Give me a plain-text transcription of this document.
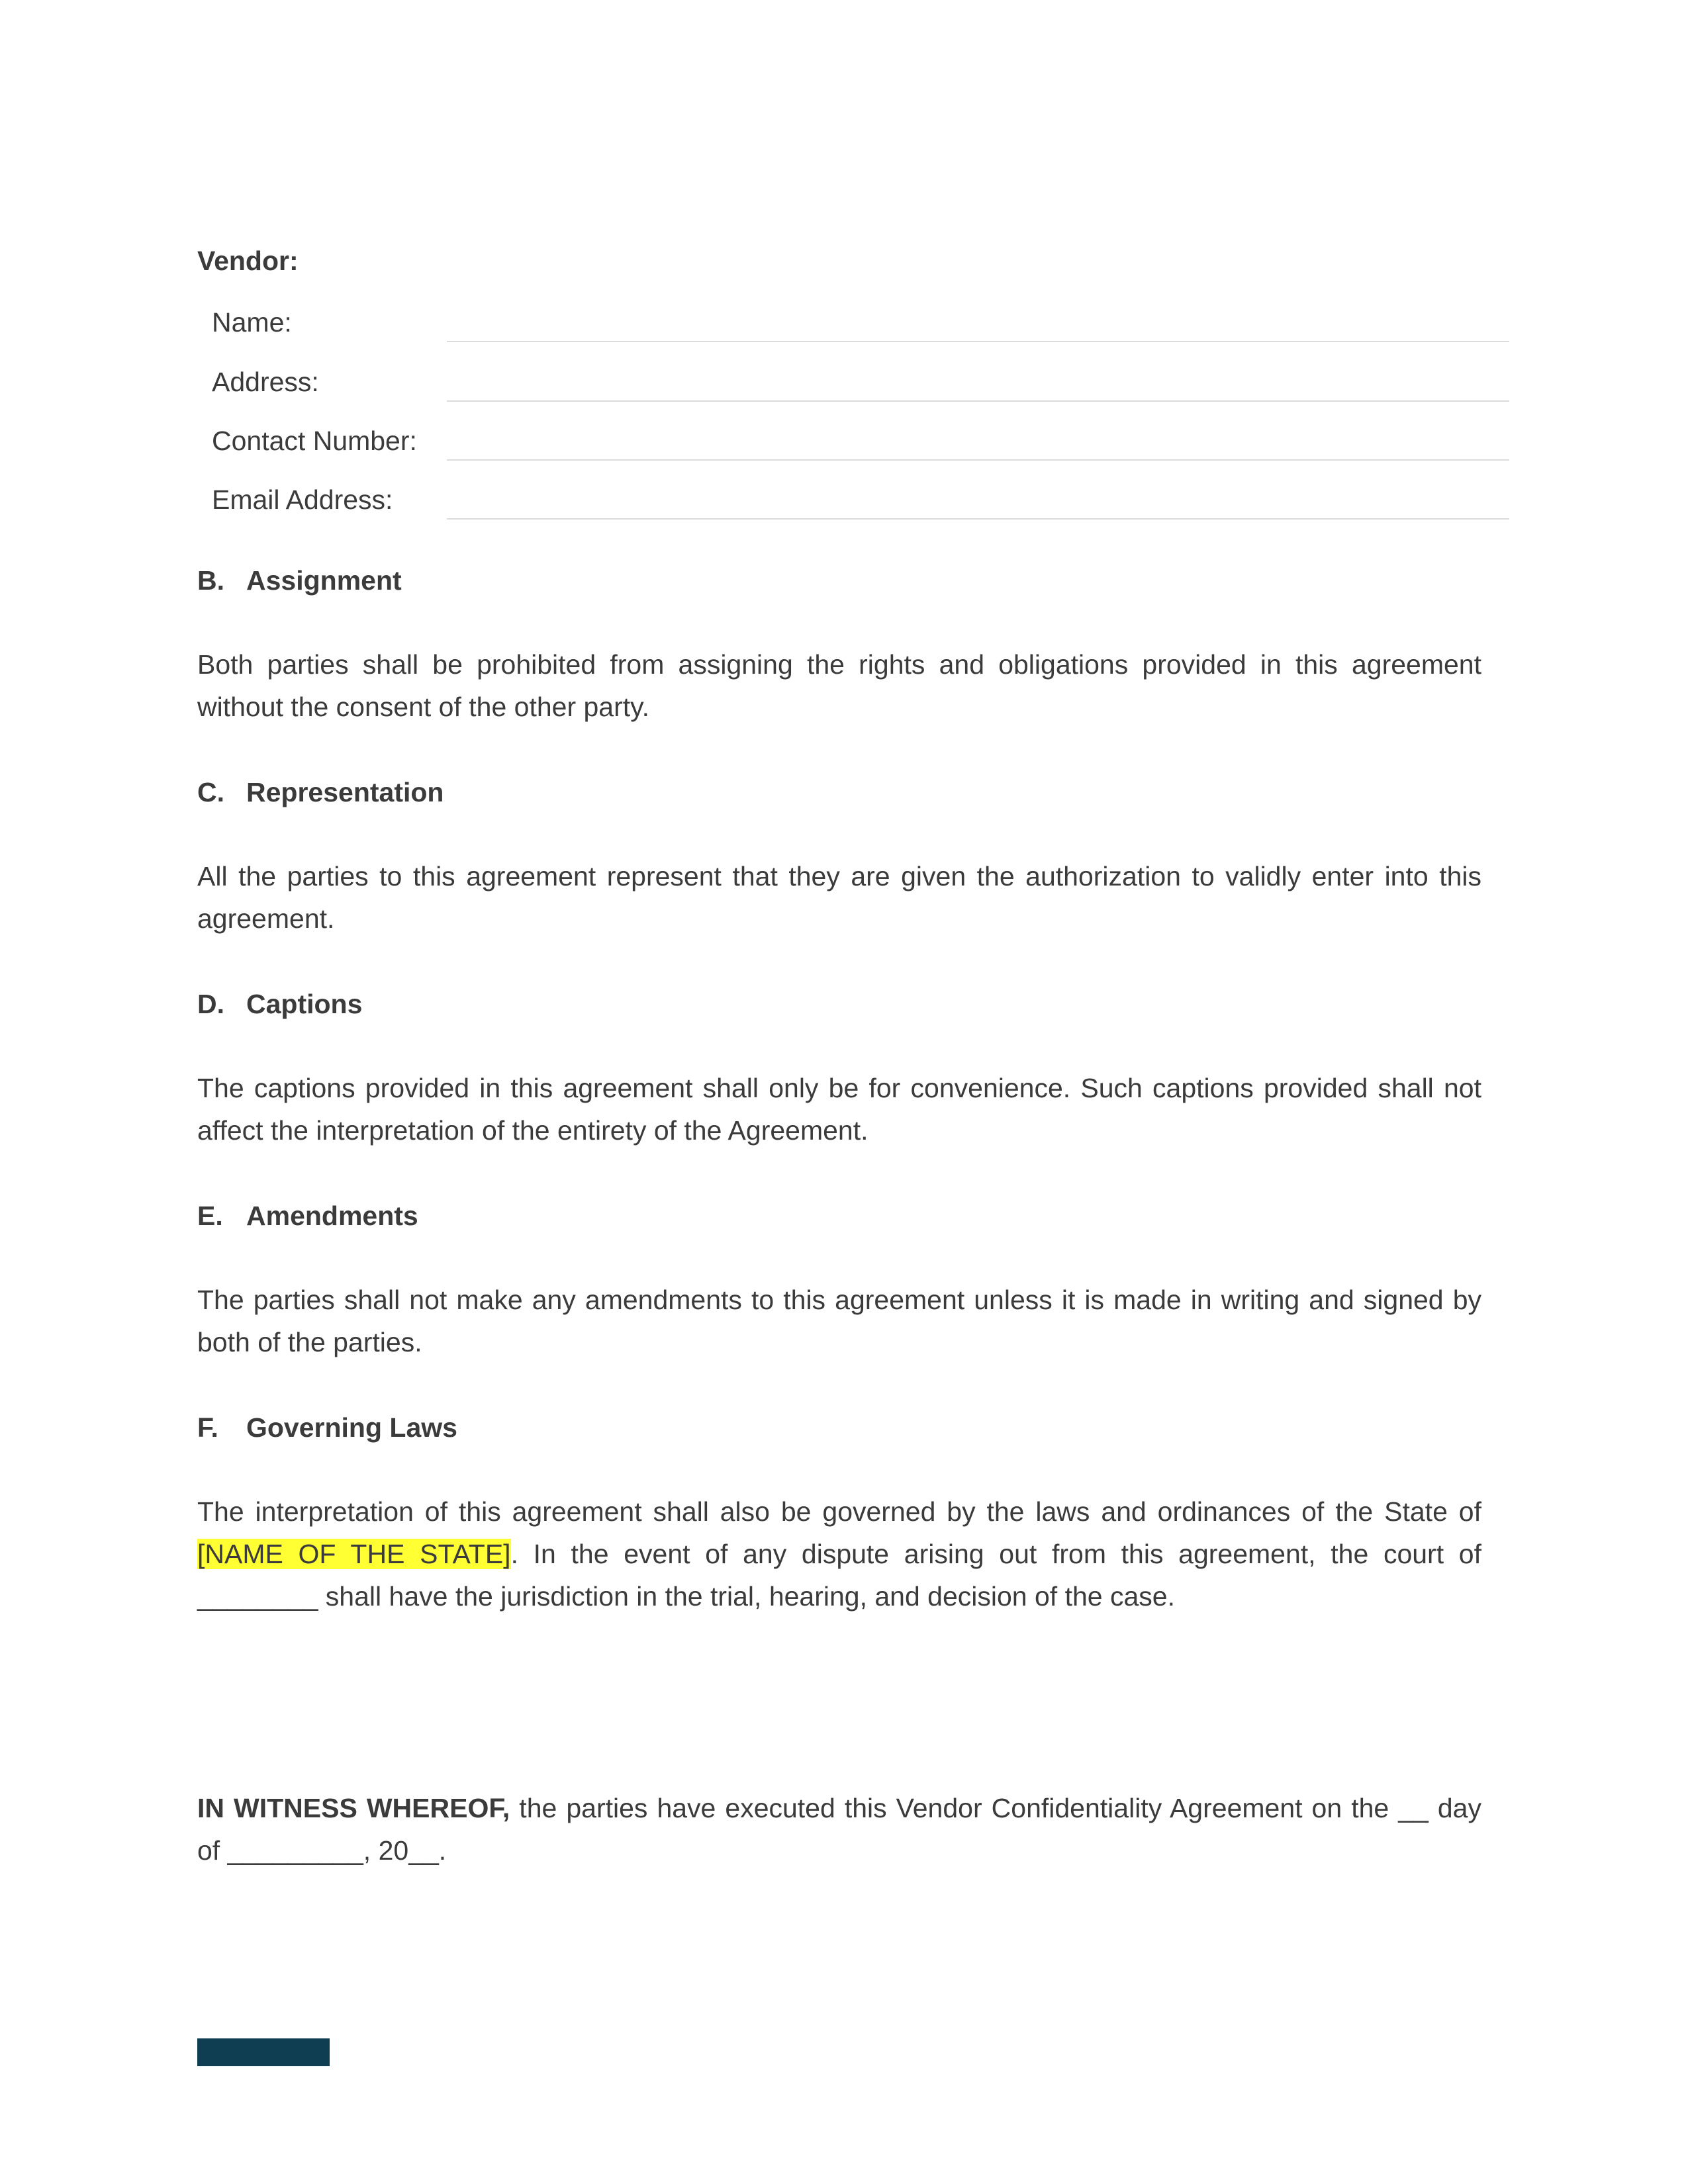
Vendor:
Name:
Address:
Contact Number:
Email Address:
B. Assignment
Both parties shall be prohibited from assigning the rights and obligations provided in this agreement without the consent of the other party.
C. Representation
All the parties to this agreement represent that they are given the authorization to validly enter into this agreement.
D. Captions
The captions provided in this agreement shall only be for convenience. Such captions provided shall not affect the interpretation of the entirety of the Agreement.
E. Amendments
The parties shall not make any amendments to this agreement unless it is made in writing and signed by both of the parties.
F. Governing Laws
The interpretation of this agreement shall also be governed by the laws and ordinances of the State of [NAME OF THE STATE]. In the event of any dispute arising out from this agreement, the court of ________ shall have the jurisdiction in the trial, hearing, and decision of the case.
IN WITNESS WHEREOF, the parties have executed this Vendor Confidentiality Agreement on the __ day of _________, 20__.
